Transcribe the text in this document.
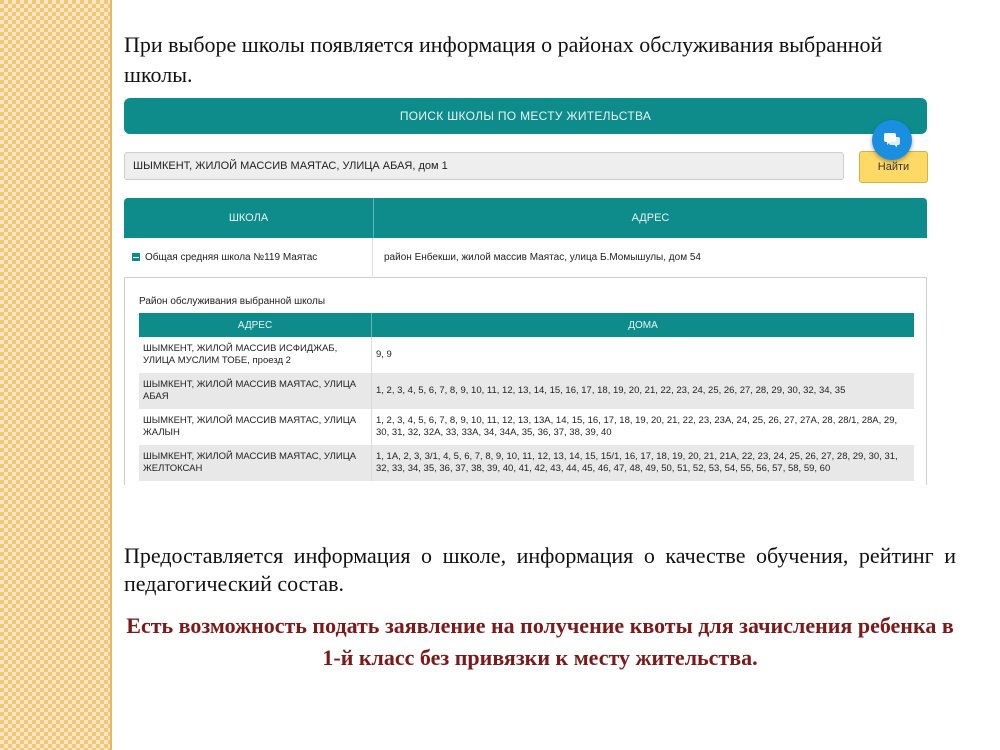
При выборе школы появляется информация о районах обслуживания выбранной школы.
ПОИСК ШКОЛЫ ПО МЕСТУ ЖИТЕЛЬСТВА
ШЫМКЕНТ, ЖИЛОЙ МАССИВ МАЯТАС, УЛИЦА АБАЯ, дом 1	Найти
ШКОЛА	АДРЕС
Общая средняя школа №119 Маятас	район Енбекши, жилой массив Маятас, улица Б.Момышулы, дом 54
Район обслуживания выбранной школы
АДРЕС	ДОМА
ШЫМКЕНТ, ЖИЛОЙ МАССИВ ИСФИДЖАБ, УЛИЦА МУСЛИМ ТОБЕ, проезд 2	9, 9
ШЫМКЕНТ, ЖИЛОЙ МАССИВ МАЯТАС, УЛИЦА АБАЯ	1, 2, 3, 4, 5, 6, 7, 8, 9, 10, 11, 12, 13, 14, 15, 16, 17, 18, 19, 20, 21, 22, 23, 24, 25, 26, 27, 28, 29, 30, 32, 34, 35
ШЫМКЕНТ, ЖИЛОЙ МАССИВ МАЯТАС, УЛИЦА ЖАЛЫН	1, 2, 3, 4, 5, 6, 7, 8, 9, 10, 11, 12, 13, 13А, 14, 15, 16, 17, 18, 19, 20, 21, 22, 23, 23А, 24, 25, 26, 27, 27А, 28, 28/1, 28А, 29, 30, 31, 32, 32А, 33, 33А, 34, 34А, 35, 36, 37, 38, 39, 40
ШЫМКЕНТ, ЖИЛОЙ МАССИВ МАЯТАС, УЛИЦА ЖЕЛТОКСАН	1, 1А, 2, 3, 3/1, 4, 5, 6, 7, 8, 9, 10, 11, 12, 13, 14, 15, 15/1, 16, 17, 18, 19, 20, 21, 21А, 22, 23, 24, 25, 26, 27, 28, 29, 30, 31, 32, 33, 34, 35, 36, 37, 38, 39, 40, 41, 42, 43, 44, 45, 46, 47, 48, 49, 50, 51, 52, 53, 54, 55, 56, 57, 58, 59, 60
Предоставляется информация о школе, информация о качестве обучения, рейтинг и педагогический состав.
Есть возможность подать заявление на получение квоты для зачисления ребенка в 1-й класс без привязки к месту жительства.
